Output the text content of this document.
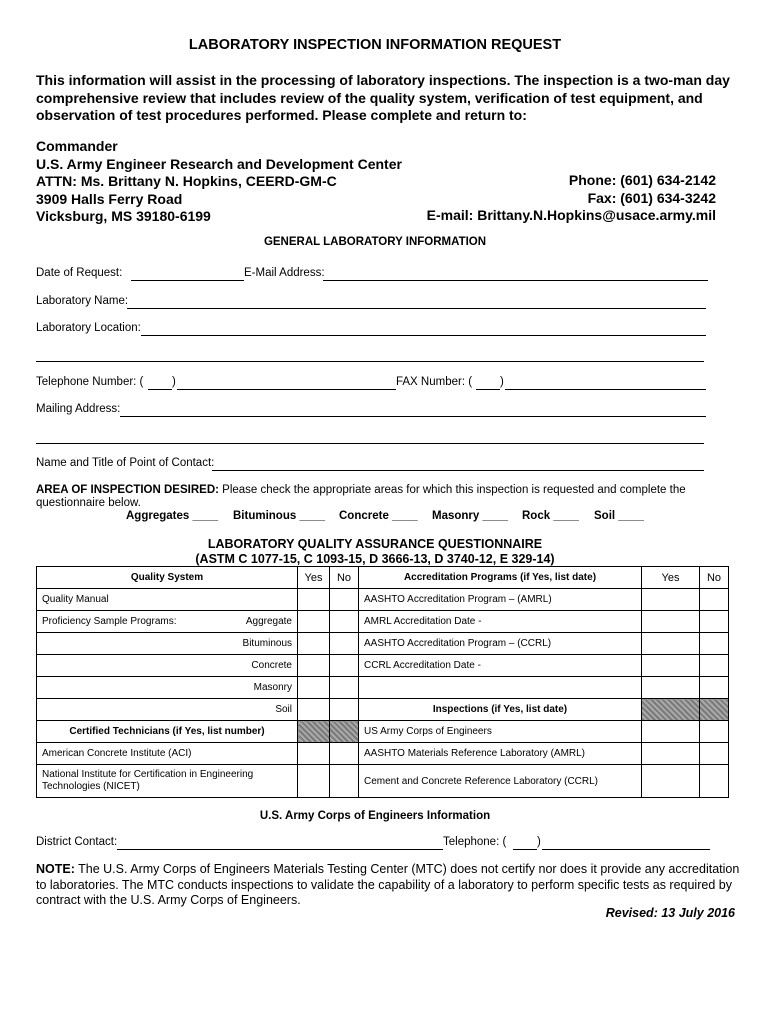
LABORATORY INSPECTION INFORMATION REQUEST
This information will assist in the processing of laboratory inspections. The inspection is a two-man day comprehensive review that includes review of the quality system, verification of test equipment, and observation of test procedures performed. Please complete and return to:
Commander
U.S. Army Engineer Research and Development Center
ATTN: Ms. Brittany N. Hopkins, CEERD-GM-C
3909 Halls Ferry Road
Vicksburg, MS 39180-6199
Phone: (601) 634-2142
Fax: (601) 634-3242
E-mail: Brittany.N.Hopkins@usace.army.mil
GENERAL LABORATORY INFORMATION
Date of Request:	E-Mail Address:
Laboratory Name:
Laboratory Location:
Telephone Number: ( )	FAX Number: ( )
Mailing Address:
Name and Title of Point of Contact:
AREA OF INSPECTION DESIRED: Please check the appropriate areas for which this inspection is requested and complete the questionnaire below.
Aggregates ____ Bituminous ____ Concrete ____ Masonry ____ Rock ____ Soil ____
LABORATORY QUALITY ASSURANCE QUESTIONNAIRE
(ASTM C 1077-15, C 1093-15, D 3666-13, D 3740-12, E 329-14)
Quality System	Yes	No	Accreditation Programs (if Yes, list date)	Yes	No
Quality Manual			AASHTO Accreditation Program – (AMRL)		
Proficiency Sample Programs: Aggregate			AMRL Accreditation Date -		
Bituminous			AASHTO Accreditation Program – (CCRL)		
Concrete			CCRL Accreditation Date -		
Masonry					
Soil			Inspections (if Yes, list date)		
Certified Technicians (if Yes, list number)			US Army Corps of Engineers		
American Concrete Institute (ACI)			AASHTO Materials Reference Laboratory (AMRL)		
National Institute for Certification in Engineering Technologies (NICET)			Cement and Concrete Reference Laboratory (CCRL)		
U.S. Army Corps of Engineers Information
District Contact:	Telephone: (	)
NOTE: The U.S. Army Corps of Engineers Materials Testing Center (MTC) does not certify nor does it provide any accreditation to laboratories. The MTC conducts inspections to validate the capability of a laboratory to perform specific tests as required by contract with the U.S. Army Corps of Engineers.
Revised: 13 July 2016
